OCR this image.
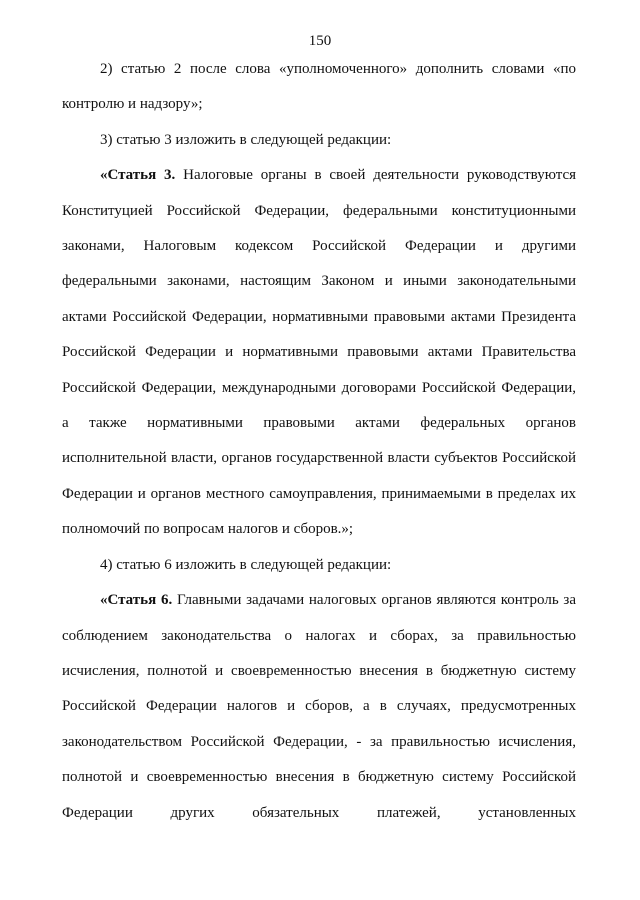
150

2) статью 2 после слова «уполномоченного» дополнить словами «по контролю и надзору»;

3) статью 3 изложить в следующей редакции:

«Статья 3. Налоговые органы в своей деятельности руководствуются Конституцией Российской Федерации, федеральными конституционными законами, Налоговым кодексом Российской Федерации и другими федеральными законами, настоящим Законом и иными законодательными актами Российской Федерации, нормативными правовыми актами Президента Российской Федерации и нормативными правовыми актами Правительства Российской Федерации, международными договорами Российской Федерации, а также нормативными правовыми актами федеральных органов исполнительной власти, органов государственной власти субъектов Российской Федерации и органов местного самоуправления, принимаемыми в пределах их полномочий по вопросам налогов и сборов.»;

4) статью 6 изложить в следующей редакции:

«Статья 6. Главными задачами налоговых органов являются контроль за соблюдением законодательства о налогах и сборах, за правильностью исчисления, полнотой и своевременностью внесения в бюджетную систему Российской Федерации налогов и сборов, а в случаях, предусмотренных законодательством Российской Федерации, - за правильностью исчисления, полнотой и своевременностью внесения в бюджетную систему Российской Федерации других обязательных платежей, установленных
